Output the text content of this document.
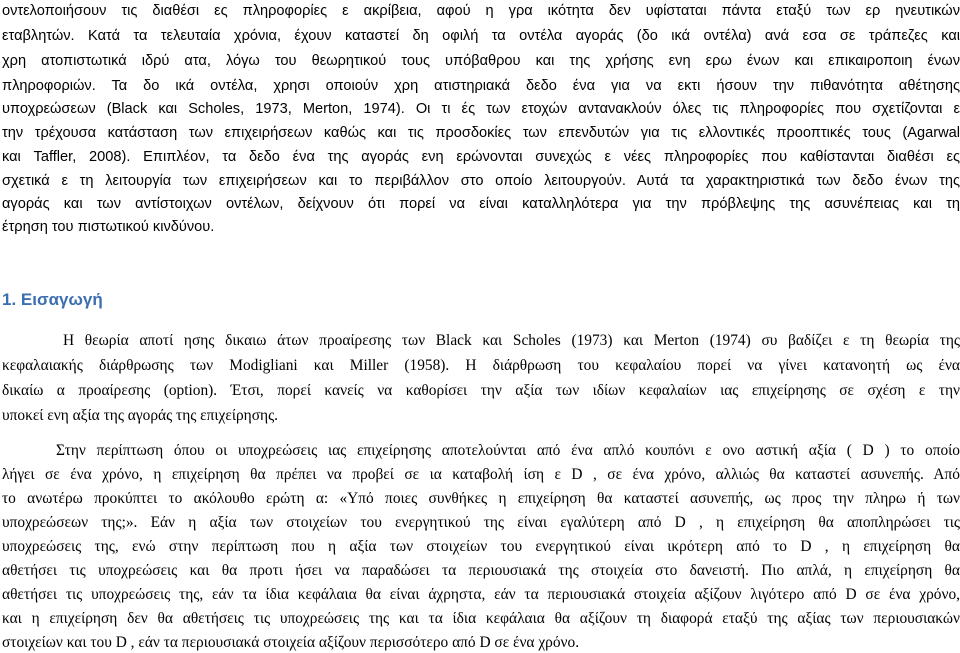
οντελοποιήσουν τις διαθέσι ες πληροφορίες ε ακρίβεια, αφού η γρα ικότητα δεν υφίσταται πάντα εταξύ των ερ ηνευτικών

εταβλητών. Κατά τα τελευταία χρόνια, έχουν καταστεί δη οφιλή τα οντέλα αγοράς (δο ικά οντέλα) ανά εσα σε τράπεζες και

χρη ατοπιστωτικά ιδρύ ατα, λόγω του θεωρητικού τους υπόβαθρου και της χρήσης ενη ερω ένων και επικαιροποιη ένων

πληροφοριών. Τα δο ικά οντέλα, χρησι οποιούν χρη ατιστηριακά δεδο ένα για να εκτι ήσουν την πιθανότητα αθέτησης

υποχρεώσεων (Black και Scholes, 1973, Merton, 1974). Οι τι ές των ετοχών αντανακλούν όλες τις πληροφορίες που σχετίζονται ε

την τρέχουσα κατάσταση των επιχειρήσεων καθώς και τις προσδοκίες των επενδυτών για τις ελλοντικές προοπτικές τους (Agarwal

και Taffler, 2008). Επιπλέον, τα δεδο ένα της αγοράς ενη ερώνονται συνεχώς ε νέες πληροφορίες που καθίστανται διαθέσι ες

σχετικά ε τη λειτουργία των επιχειρήσεων και το περιβάλλον στο οποίο λειτουργούν. Αυτά τα χαρακτηριστικά των δεδο ένων της

αγοράς και των αντίστοιχων οντέλων, δείχνουν ότι πορεί να είναι καταλληλότερα για την πρόβλεψης της ασυνέπειας και τη

έτρηση του πιστωτικού κινδύνου.

1. Εισαγωγή

Η θεωρία αποτί ησης δικαιω άτων προαίρεσης των Black και Scholes (1973) και Merton (1974) συ βαδίζει ε τη θεωρία της

κεφαλαιακής διάρθρωσης των Modigliani και Miller (1958). Η διάρθρωση του κεφαλαίου πορεί να γίνει κατανοητή ως ένα

δικαίω α προαίρεσης (option). Έτσι, πορεί κανείς να καθορίσει την αξία των ιδίων κεφαλαίων ιας επιχείρησης σε σχέση ε την

υποκεί ενη αξία της αγοράς της επιχείρησης.

Στην περίπτωση όπου οι υποχρεώσεις ιας επιχείρησης αποτελούνται από ένα απλό κουπόνι ε ονο αστική αξία ( D ) το οποίο

λήγει σε ένα χρόνο, η επιχείρηση θα πρέπει να προβεί σε ια καταβολή ίση ε D , σε ένα χρόνο, αλλιώς θα καταστεί ασυνεπής. Από

το ανωτέρω προκύπτει το ακόλουθο ερώτη α: «Υπό ποιες συνθήκες η επιχείρηση θα καταστεί ασυνεπής, ως προς την πληρω ή των

υποχρεώσεων της;». Εάν η αξία των στοιχείων του ενεργητικού της είναι εγαλύτερη από D , η επιχείρηση θα αποπληρώσει τις

υποχρεώσεις της, ενώ στην περίπτωση που η αξία των στοιχείων του ενεργητικού είναι ικρότερη από το D , η επιχείρηση θα

αθετήσει τις υποχρεώσεις και θα προτι ήσει να παραδώσει τα περιουσιακά της στοιχεία στο δανειστή. Πιο απλά, η επιχείρηση θα

αθετήσει τις υποχρεώσεις της, εάν τα ίδια κεφάλαια θα είναι άχρηστα, εάν τα περιουσιακά στοιχεία αξίζουν λιγότερο από D σε ένα χρόνο,

και η επιχείρηση δεν θα αθετήσεις τις υποχρεώσεις της και τα ίδια κεφάλαια θα αξίζουν τη διαφορά εταξύ της αξίας των περιουσιακών

στοιχείων και του D , εάν τα περιουσιακά στοιχεία αξίζουν περισσότερο από D σε ένα χρόνο.
